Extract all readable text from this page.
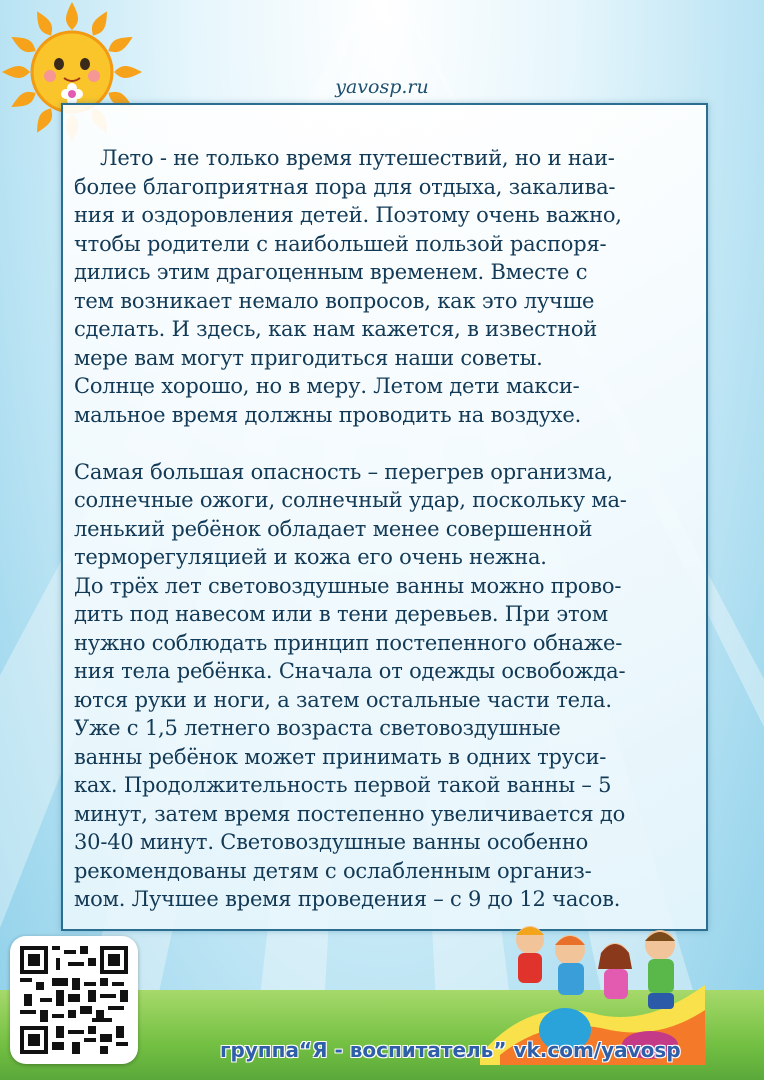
yavosp.ru
Лето - не только время путешествий, но и наи-
более благоприятная пора для отдыха, закалива-
ния и оздоровления детей. Поэтому очень важно,
чтобы родители с наибольшей пользой распоря-
дились этим драгоценным временем. Вместе с
тем возникает немало вопросов, как это лучше
сделать. И здесь, как нам кажется, в известной
мере вам могут пригодиться наши советы.
Солнце хорошо, но в меру. Летом дети макси-
мальное время должны проводить на воздухе.
Самая большая опасность – перегрев организма,
солнечные ожоги, солнечный удар, поскольку ма-
ленький ребёнок обладает менее совершенной
терморегуляцией и кожа его очень нежна.
До трёх лет световоздушные ванны можно прово-
дить под навесом или в тени деревьев. При этом
нужно соблюдать принцип постепенного обнаже-
ния тела ребёнка. Сначала от одежды освобожда-
ются руки и ноги, а затем остальные части тела.
Уже с 1,5 летнего возраста световоздушные
ванны ребёнок может принимать в одних труси-
ках. Продолжительность первой такой ванны – 5
минут, затем время постепенно увеличивается до
30-40 минут. Световоздушные ванны особенно
рекомендованы детям с ослабленным организ-
мом. Лучшее время проведения – с 9 до 12 часов.
группа“Я - воспитатель” vk.com/yavosp
